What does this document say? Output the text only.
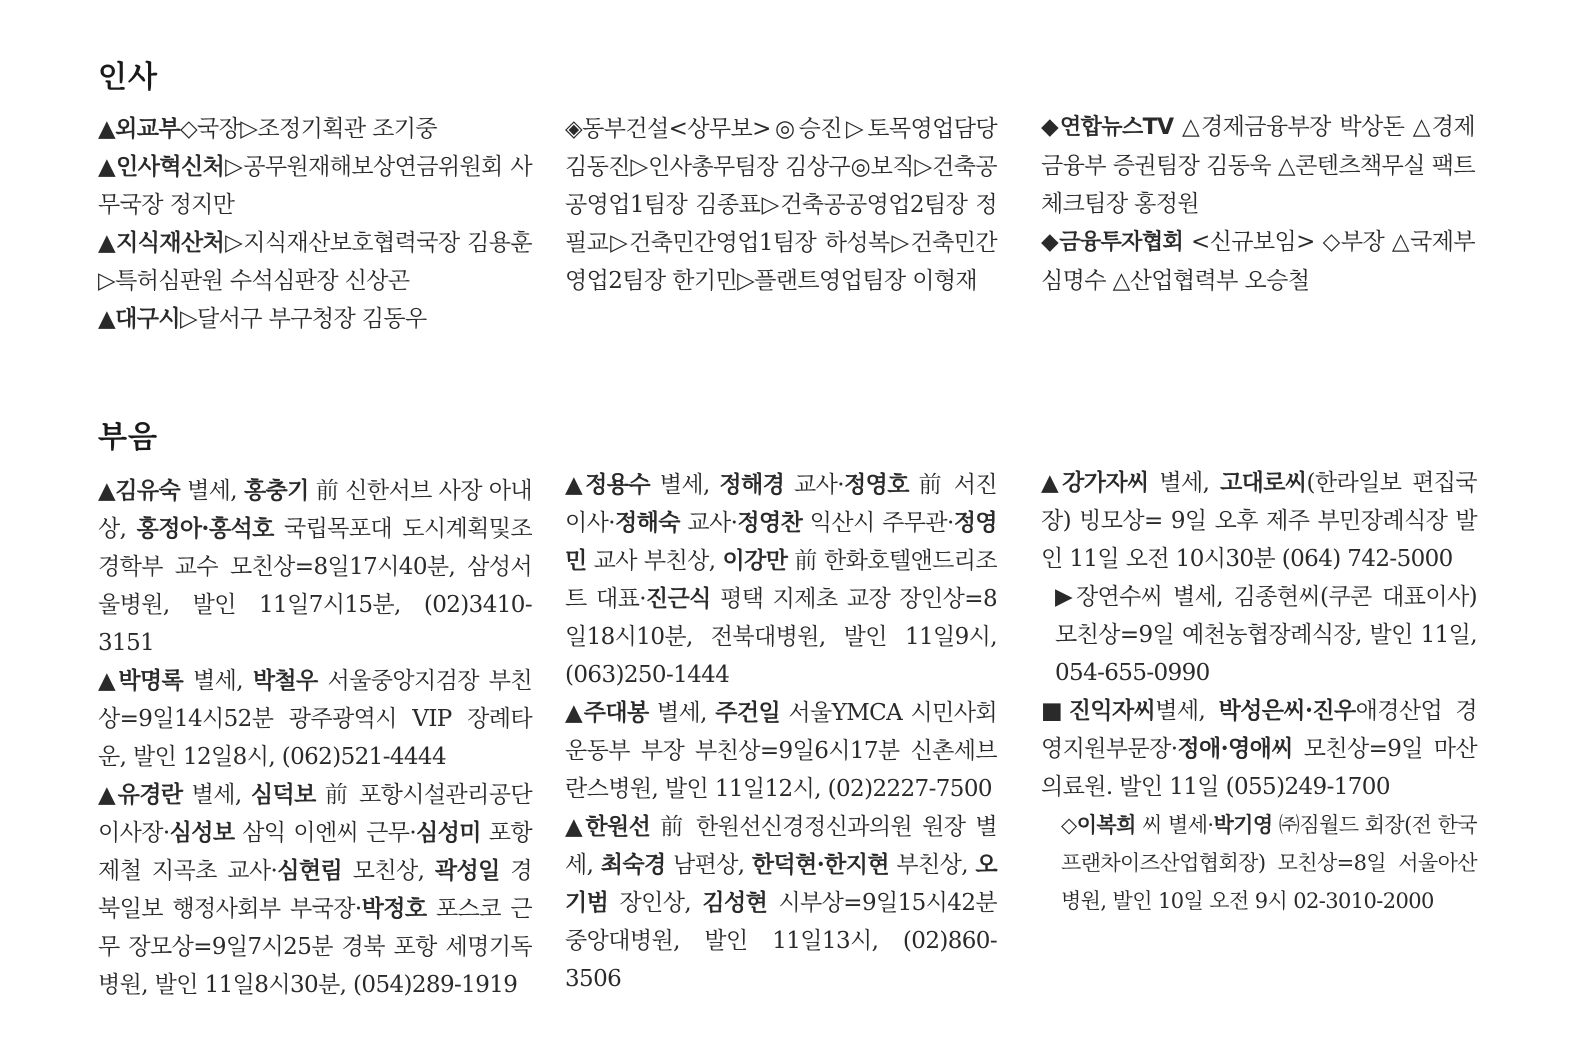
인사
부음
▲외교부◇국장▷조정기획관 조기중
▲인사혁신처▷공무원재해보상연금위원회 사무국장 정지만
▲지식재산처▷지식재산보호협력국장 김용훈▷특허심판원 수석심판장 신상곤
▲대구시▷달서구 부구청장 김동우
◈동부건설<상무보>◎승진▷토목영업담당 김동진▷인사총무팀장 김상구◎보직▷건축공공영업1팀장 김종표▷건축공공영업2팀장 정필교▷건축민간영업1팀장 하성복▷건축민간영업2팀장 한기민▷플랜트영업팀장 이형재
◆연합뉴스TV △경제금융부장 박상돈 △경제금융부 증권팀장 김동욱 △콘텐츠책무실 팩트체크팀장 홍정원
◆금융투자협회 <신규보임> ◇부장 △국제부 심명수 △산업협력부 오승철
▲김유숙 별세, 홍충기 前 신한서브 사장 아내상, 홍정아·홍석호 국립목포대 도시계획및조경학부 교수 모친상=8일17시40분, 삼성서울병원, 발인 11일7시15분, (02)3410-3151
▲박명록 별세, 박철우 서울중앙지검장 부친상=9일14시52분 광주광역시 VIP 장례타운, 발인 12일8시, (062)521-4444
▲유경란 별세, 심덕보 前 포항시설관리공단 이사장·심성보 삼익 이엔씨 근무·심성미 포항제철 지곡초 교사·심현림 모친상, 곽성일 경북일보 행정사회부 부국장·박정호 포스코 근무 장모상=9일7시25분 경북 포항 세명기독병원, 발인 11일8시30분, (054)289-1919
▲정용수 별세, 정해경 교사·정영호 前 서진이사·정해숙 교사·정영찬 익산시 주무관·정영민 교사 부친상, 이강만 前 한화호텔앤드리조트 대표·진근식 평택 지제초 교장 장인상=8일18시10분, 전북대병원, 발인 11일9시, (063)250-1444
▲주대봉 별세, 주건일 서울YMCA 시민사회운동부 부장 부친상=9일6시17분 신촌세브란스병원, 발인 11일12시, (02)2227-7500
▲한원선 前 한원선신경정신과의원 원장 별세, 최숙경 남편상, 한덕현·한지현 부친상, 오기범 장인상, 김성현 시부상=9일15시42분 중앙대병원, 발인 11일13시, (02)860-3506
▲강가자씨 별세, 고대로씨(한라일보 편집국장) 빙모상= 9일 오후 제주 부민장례식장 발인 11일 오전 10시30분 (064) 742-5000
▶장연수씨 별세, 김종현씨(쿠콘 대표이사) 모친상=9일 예천농협장례식장, 발인 11일, 054-655-0990
■진익자씨별세, 박성은씨·진우애경산업 경영지원부문장·정애·영애씨 모친상=9일 마산의료원. 발인 11일 (055)249-1700
◇이복희 씨 별세·박기영 ㈜짐월드 회장(전 한국프랜차이즈산업협회장) 모친상=8일 서울아산병원, 발인 10일 오전 9시 02-3010-2000
